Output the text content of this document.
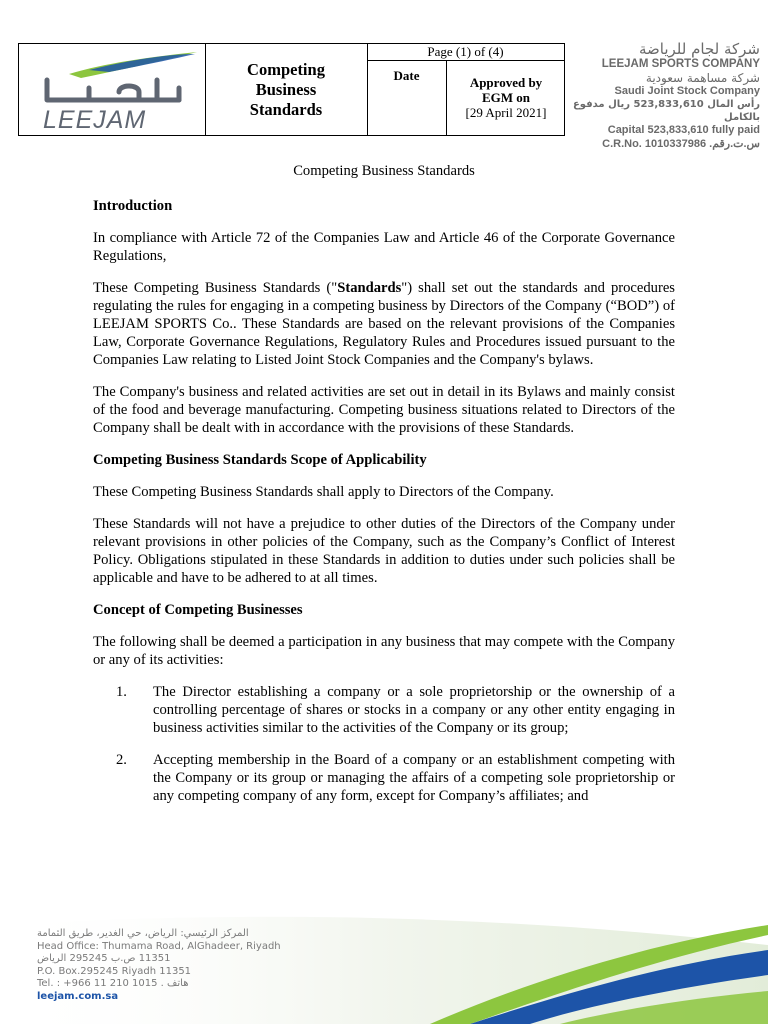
LEEJAM
Competing Business Standards
Page (1) of (4)
Date	Approved by
EGM on
[29 April 2021]
شركة لجام للرياضة
LEEJAM SPORTS COMPANY
شركة مساهمة سعودية
Saudi Joint Stock Company
رأس المال 523,833,610 ريال مدفوع بالكامل
Capital 523,833,610 fully paid
C.R.No. 1010337986 .س.ت.رقم
Competing Business Standards
Introduction

In compliance with Article 72 of the Companies Law and Article 46 of the Corporate Governance Regulations,

These Competing Business Standards ("Standards") shall set out the standards and procedures regulating the rules for engaging in a competing business by Directors of the Company (“BOD”) of LEEJAM SPORTS Co.. These Standards are based on the relevant provisions of the Companies Law, Corporate Governance Regulations, Regulatory Rules and Procedures issued pursuant to the Companies Law relating to Listed Joint Stock Companies and the Company's bylaws.

The Company's business and related activities are set out in detail in its Bylaws and mainly consist of the food and beverage manufacturing. Competing business situations related to Directors of the Company shall be dealt with in accordance with the provisions of these Standards.

Competing Business Standards Scope of Applicability

These Competing Business Standards shall apply to Directors of the Company.

These Standards will not have a prejudice to other duties of the Directors of the Company under relevant provisions in other policies of the Company, such as the Company’s Conflict of Interest Policy. Obligations stipulated in these Standards in addition to duties under such policies shall be applicable and have to be adhered to at all times.

Concept of Competing Businesses

The following shall be deemed a participation in any business that may compete with the Company or any of its activities:

1. The Director establishing a company or a sole proprietorship or the ownership of a controlling percentage of shares or stocks in a company or any other entity engaging in business activities similar to the activities of the Company or its group;
2. Accepting membership in the Board of a company or an establishment competing with the Company or its group or managing the affairs of a competing sole proprietorship or any competing company of any form, except for Company’s affiliates; and
المركز الرئيسي: الرياض، حي الغدير، طريق الثمامة
Head Office: Thumama Road, AlGhadeer, Riyadh
11351 ص.ب 295245 الرياض
P.O. Box.295245 Riyadh 11351
Tel. : +966 11 210 1015 . هاتف
leejam.com.sa
